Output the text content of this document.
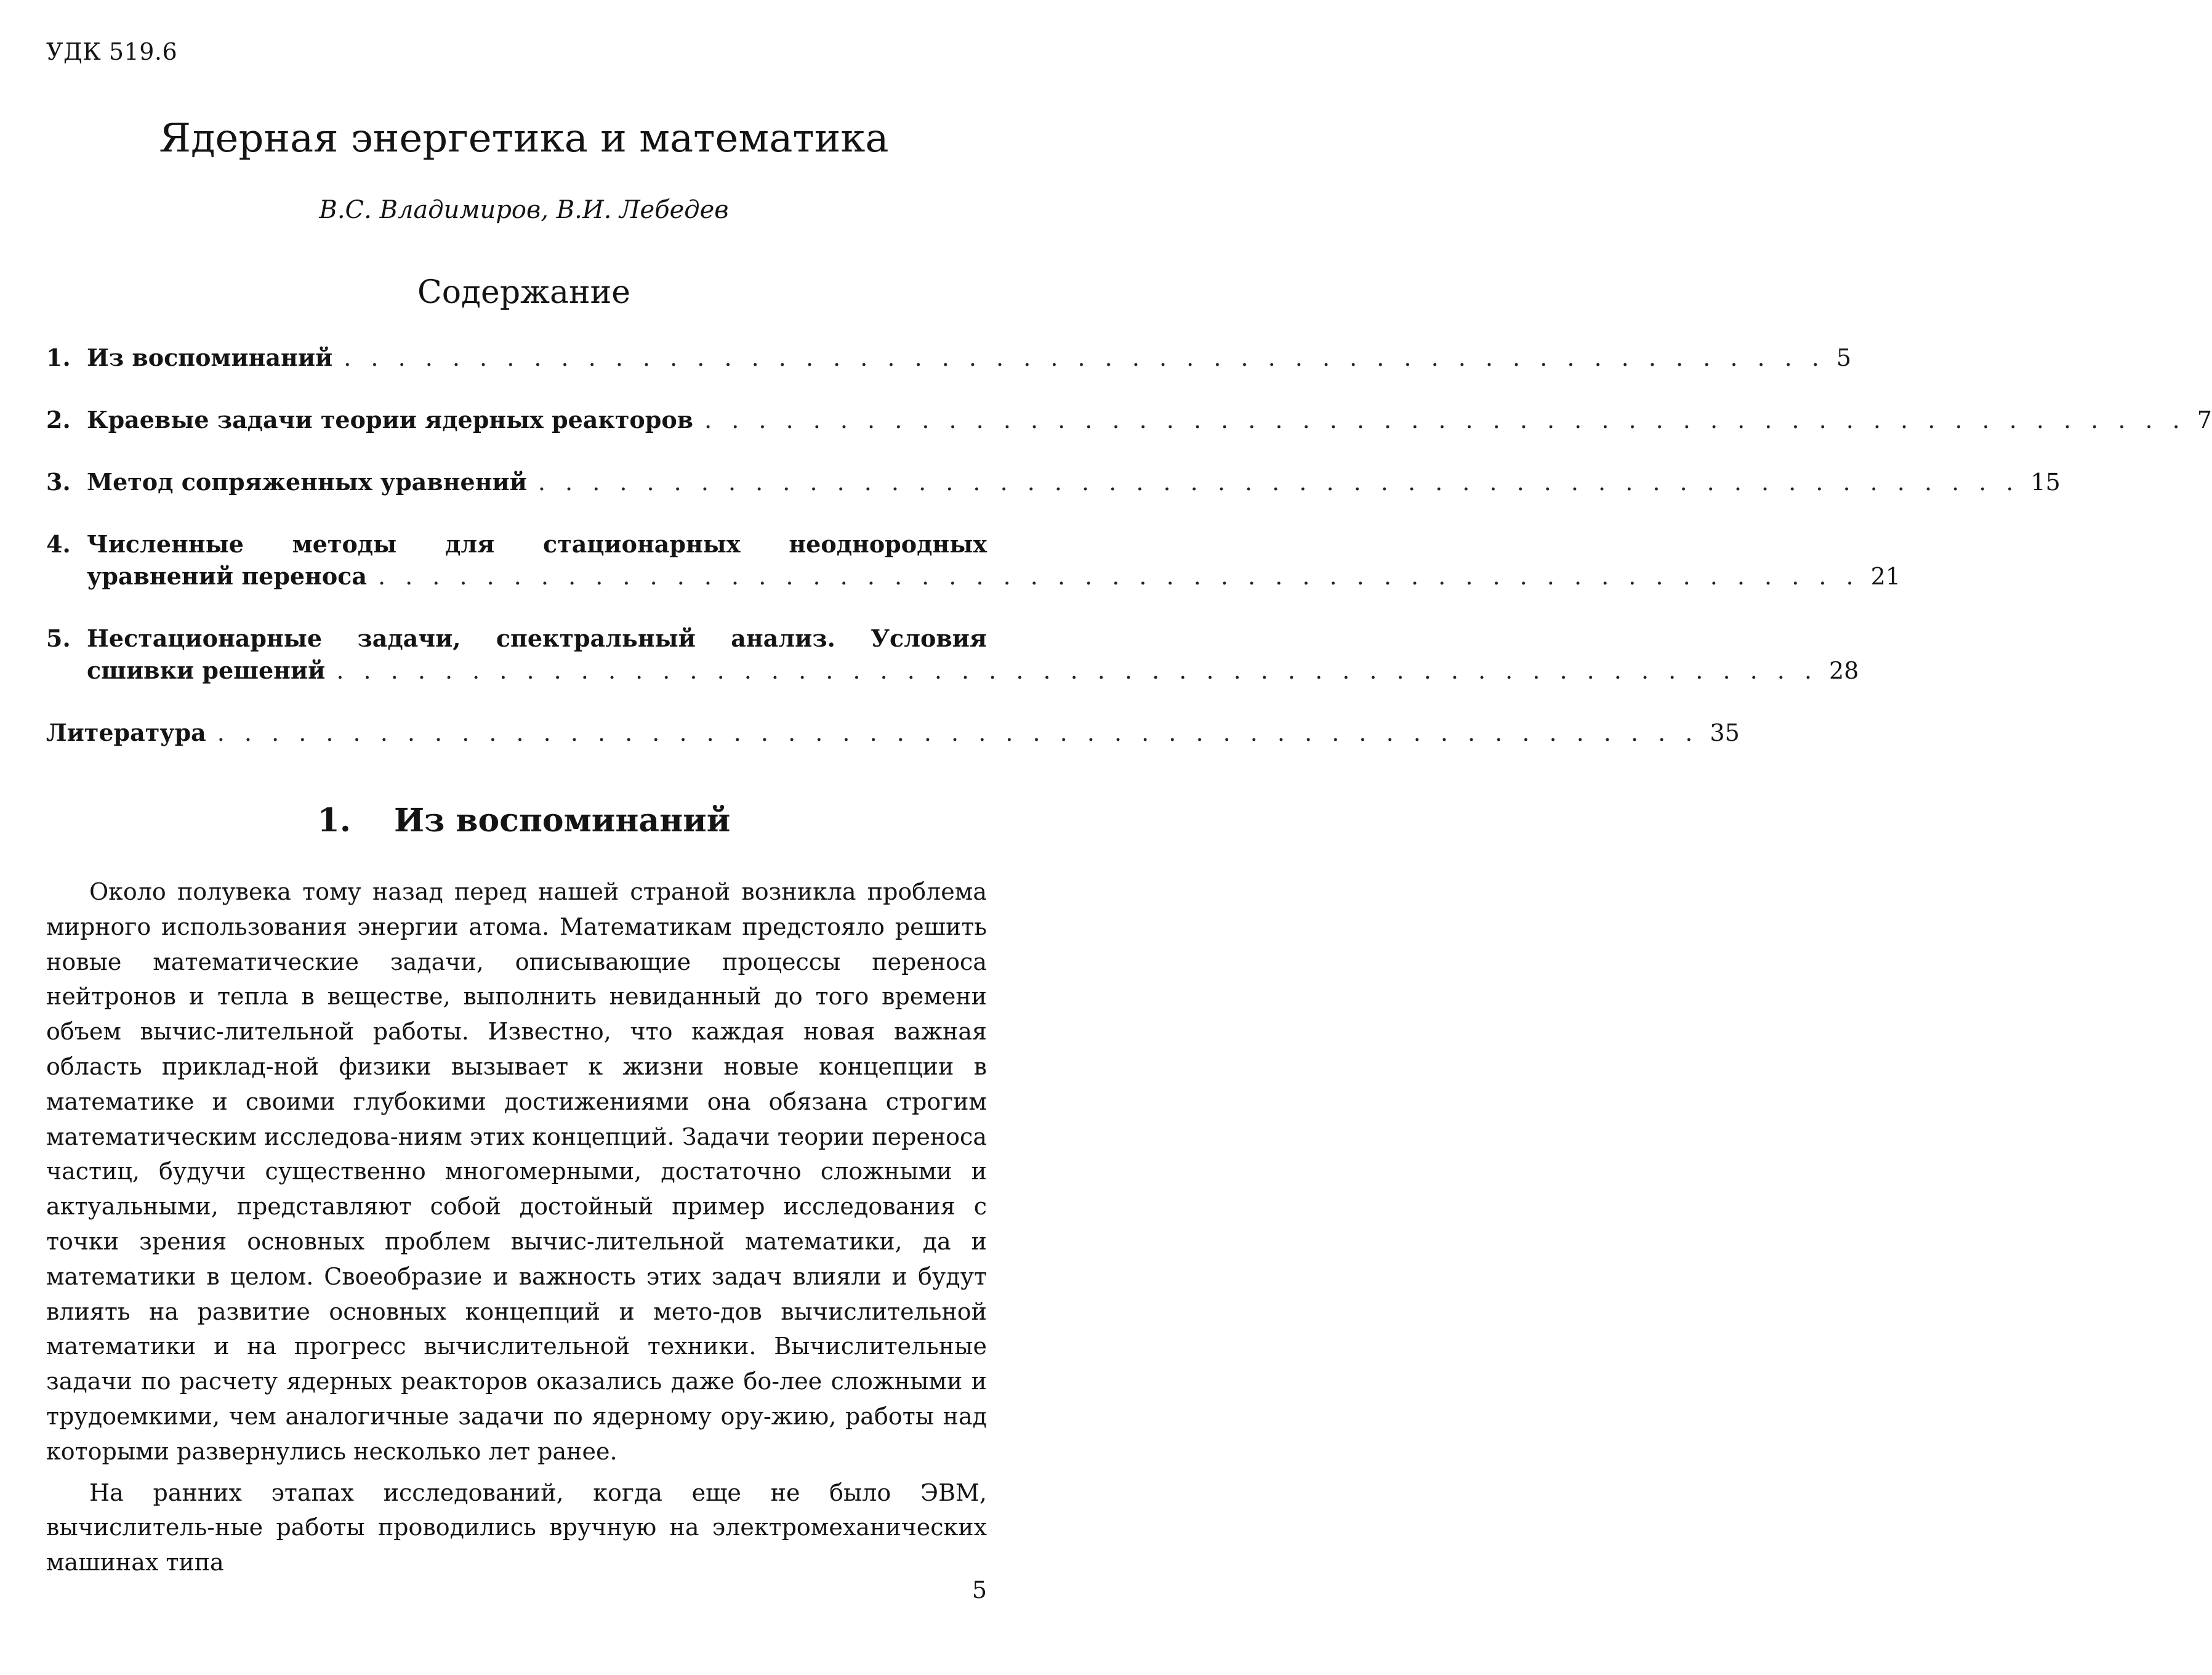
УДК 519.6
Ядерная энергетика и математика
В.С. Владимиров, В.И. Лебедев
Содержание
1. Из воспоминаний . . . . . . . . . . . . . . . . . . . . . . . . . . . . . . . . . . . . . . . . . . . . . . . . . . . . . . . 5
2. Краевые задачи теории ядерных реакторов . . . . . . . . . . . . . . . . . . . . . . . . . . . . . . . . . . . . . . . . . . . . . . . . . . . . . . . 7
3. Метод сопряженных уравнений . . . . . . . . . . . . . . . . . . . . . . . . . . . . . . . . . . . . . . . . . . . . . . . . . . . . . . . 15
4. Численные методы для стационарных неоднородных
уравнений переноса . . . . . . . . . . . . . . . . . . . . . . . . . . . . . . . . . . . . . . . . . . . . . . . . . . . . . . . 21
5. Нестационарные задачи, спектральный анализ. Условия
сшивки решений . . . . . . . . . . . . . . . . . . . . . . . . . . . . . . . . . . . . . . . . . . . . . . . . . . . . . . . 28
Литература . . . . . . . . . . . . . . . . . . . . . . . . . . . . . . . . . . . . . . . . . . . . . . . . . . . . . . . 35
1. Из воспоминаний

Около полувека тому назад перед нашей страной возникла проблема мирного использования энергии атома. Математикам предстояло решить новые математические задачи, описывающие процессы переноса нейтронов и тепла в веществе, выполнить невиданный до того времени объем вычис-лительной работы. Известно, что каждая новая важная область приклад-ной физики вызывает к жизни новые концепции в математике и своими глубокими достижениями она обязана строгим математическим исследова-ниям этих концепций. Задачи теории переноса частиц, будучи существенно многомерными, достаточно сложными и актуальными, представляют собой достойный пример исследования с точки зрения основных проблем вычис-лительной математики, да и математики в целом. Своеобразие и важность этих задач влияли и будут влиять на развитие основных концепций и мето-дов вычислительной математики и на прогресс вычислительной техники. Вычислительные задачи по расчету ядерных реакторов оказались даже бо-лее сложными и трудоемкими, чем аналогичные задачи по ядерному ору-жию, работы над которыми развернулись несколько лет ранее.

На ранних этапах исследований, когда еще не было ЭВМ, вычислитель-ные работы проводились вручную на электромеханических машинах типа

5
